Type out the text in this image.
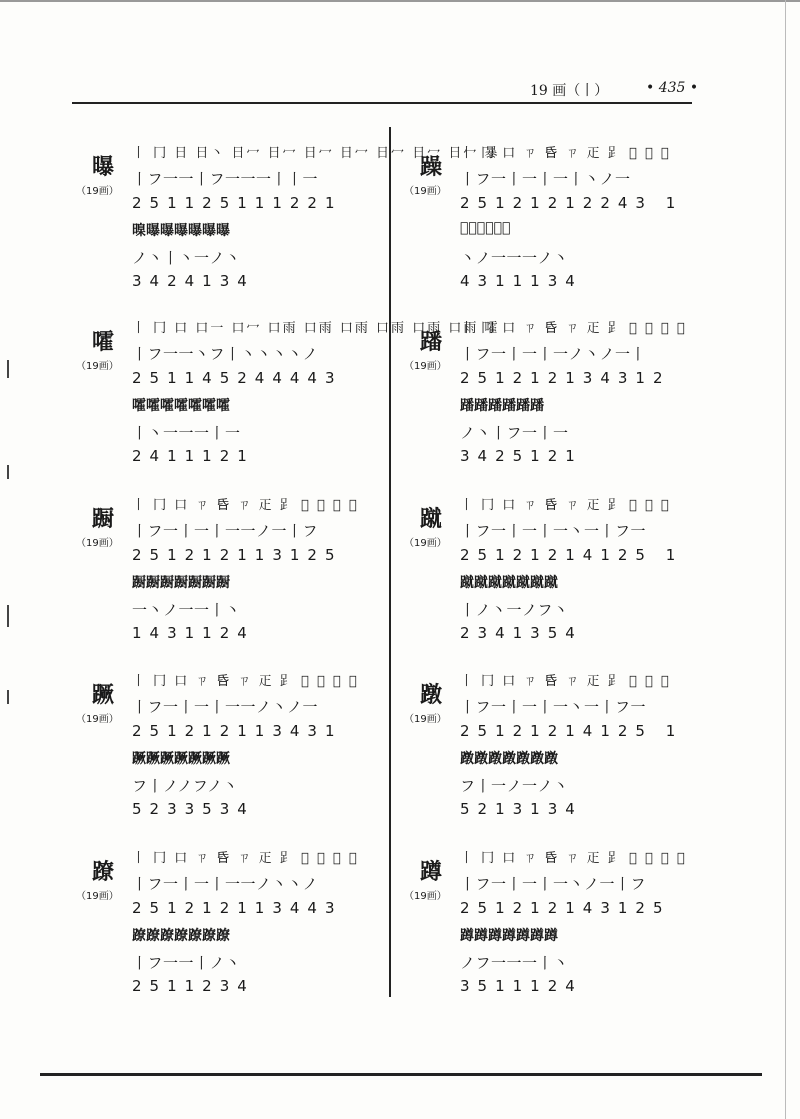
19 画（丨）	• 435 •
曝
（19画）
丨 冂 日 日丶 日冖 日冖 日冖 日冖 日冖 日冖 日冖 暴
丨フ一一丨フ一一一丨丨一
251125111221
暞曝曝曝曝曝曝
ノ丶丨丶一ノ丶
3424134
躁
（19画）
丨 冂 口 ㄗ 𠯑 ㄗ 𤴓 𧾷 𧿨 𧿨 𧿨
丨フ一丨一丨一丨丶ノ一
25121212243 1
𧿨𧿨𧿨𧿨𧿨躁
丶ノ一一一ノ丶
4311134
嚯
（19画）
丨 冂 口 口一 口冖 口雨 口雨 口雨 口雨 口雨 口雨 嚯
丨フ一一丶フ丨丶丶丶丶ノ
251145244443
嚯嚯嚯嚯嚯嚯嚯
丨丶一一一丨一
2411121
蹯
（19画）
丨 冂 口 ㄗ 𠯑 ㄗ 𤴓 𧾷 𧿨 𧿨 𧿨 𧿨
丨フ一丨一丨一ノ丶ノ一丨
251212134312
蹯蹯蹯蹯蹯蹯
ノ丶丨フ一丨一
3425121
蹰
（19画）
丨 冂 口 ㄗ 𠯑 ㄗ 𤴓 𧾷 𧿨 𧿨 𧿨 𧿨
丨フ一丨一丨一一ノ一丨フ
251212113125
蹰蹰蹰蹰蹰蹰蹰
一丶ノ一一丨丶
1431124
蹴
（19画）
丨 冂 口 ㄗ 𠯑 ㄗ 𤴓 𧾷 𧿨 𧿨 𧿨
丨フ一丨一丨一丶一丨フ一
25121214125 1
蹴蹴蹴蹴蹴蹴蹴
丨ノ丶一ノフ丶
2341354
蹶
（19画）
丨 冂 口 ㄗ 𠯑 ㄗ 𤴓 𧾷 𧿨 𧿨 𧿨 𧿨
丨フ一丨一丨一一ノ丶ノ一
251212113431
蹶蹶蹶蹶蹶蹶蹶
フ丨ノノフノ丶
5233534
蹾
（19画）
丨 冂 口 ㄗ 𠯑 ㄗ 𤴓 𧾷 𧿨 𧿨 𧿨
丨フ一丨一丨一丶一丨フ一
25121214125 1
蹾蹾蹾蹾蹾蹾蹾
フ丨一ノ一ノ丶
5213134
蹽
（19画）
丨 冂 口 ㄗ 𠯑 ㄗ 𤴓 𧾷 𧿨 𧿨 𧿨 𧿨
丨フ一丨一丨一一ノ丶丶ノ
251212113443
蹽蹽蹽蹽蹽蹽蹽
丨フ一一丨ノ丶
2511234
蹲
（19画）
丨 冂 口 ㄗ 𠯑 ㄗ 𤴓 𧾷 𧿨 𧿨 𧿨 𧿨
丨フ一丨一丨一丶ノ一丨フ
251212143125
蹲蹲蹲蹲蹲蹲蹲
ノフ一一一丨丶
3511124
